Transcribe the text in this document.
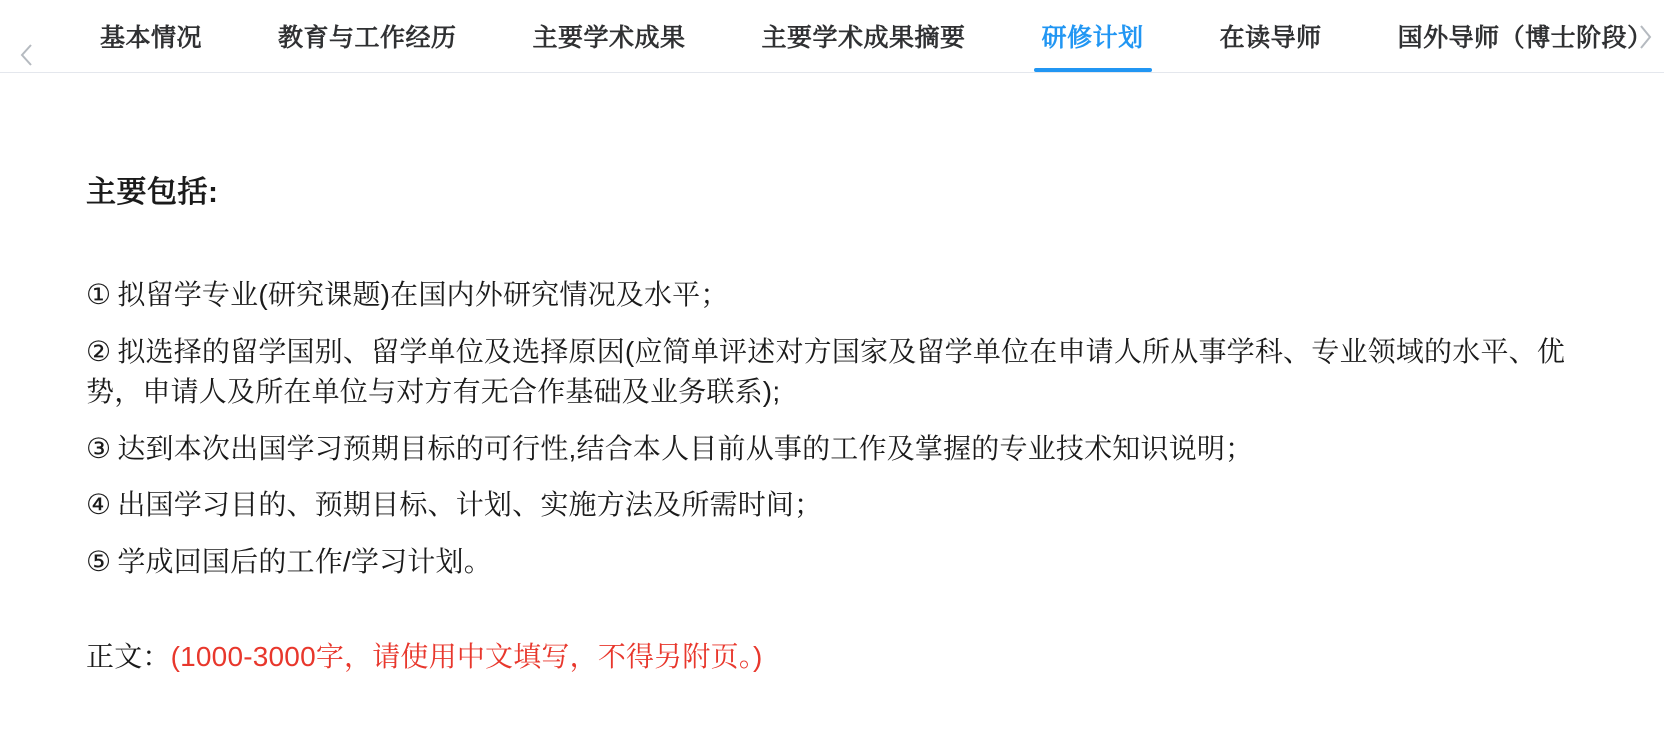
基本情况	教育与工作经历	主要学术成果	主要学术成果摘要	研修计划	在读导师	国外导师（博士阶段）
主要包括:
① 拟留学专业(研究课题)在国内外研究情况及水平；
② 拟选择的留学国别、留学单位及选择原因(应简单评述对方国家及留学单位在申请人所从事学科、专业领域的水平、优势，申请人及所在单位与对方有无合作基础及业务联系);
③ 达到本次出国学习预期目标的可行性,结合本人目前从事的工作及掌握的专业技术知识说明；
④ 出国学习目的、预期目标、计划、实施方法及所需时间；
⑤ 学成回国后的工作/学习计划。
正文：(1000-3000字，请使用中文填写，不得另附页。)
